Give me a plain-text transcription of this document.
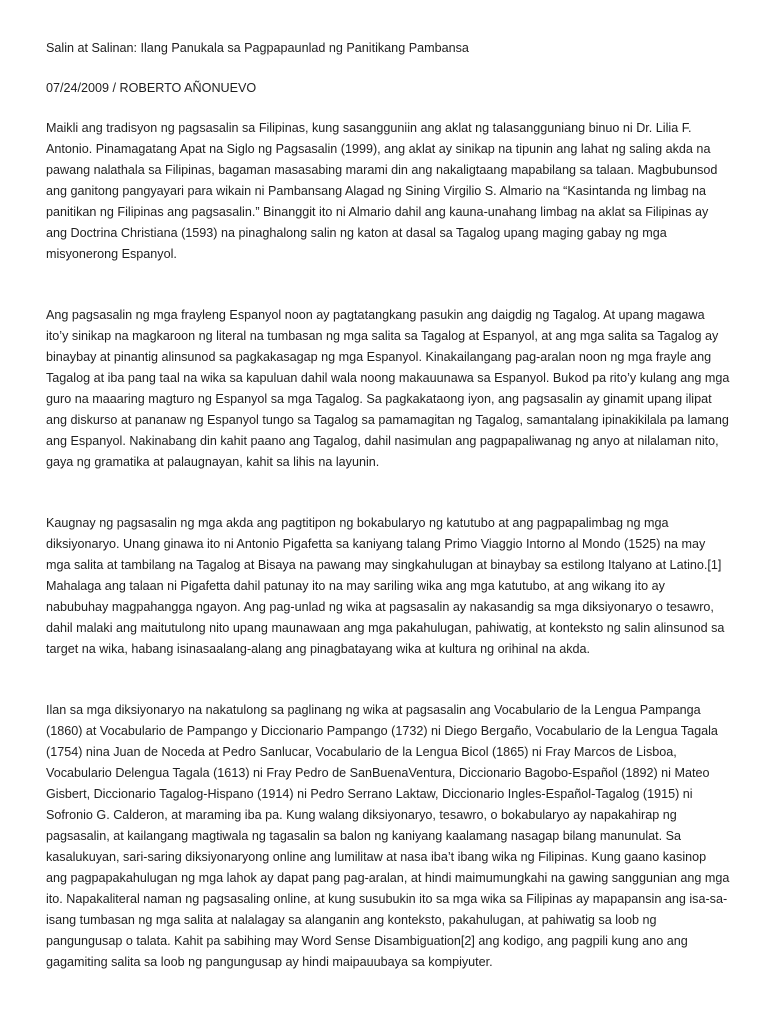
Salin at Salinan: Ilang Panukala sa Pagpapaunlad ng Panitikang Pambansa

07/24/2009 / ROBERTO AÑONUEVO

Maikli ang tradisyon ng pagsasalin sa Filipinas, kung sasangguniin ang aklat ng talasangguniang binuo ni Dr. Lilia F. Antonio. Pinamagatang Apat na Siglo ng Pagsasalin (1999), ang aklat ay sinikap na tipunin ang lahat ng saling akda na pawang nalathala sa Filipinas, bagaman masasabing marami din ang nakaligtaang mapabilang sa talaan. Magbubunsod ang ganitong pangyayari para wikain ni Pambansang Alagad ng Sining Virgilio S. Almario na “Kasintanda ng limbag na panitikan ng Filipinas ang pagsasalin.” Binanggit ito ni Almario dahil ang kauna-unahang limbag na aklat sa Filipinas ay ang Doctrina Christiana (1593) na pinaghalong salin ng katon at dasal sa Tagalog upang maging gabay ng mga misyonerong Espanyol.

Ang pagsasalin ng mga frayleng Espanyol noon ay pagtatangkang pasukin ang daigdig ng Tagalog. At upang magawa ito’y sinikap na magkaroon ng literal na tumbasan ng mga salita sa Tagalog at Espanyol, at ang mga salita sa Tagalog ay binaybay at pinantig alinsunod sa pagkakasagap ng mga Espanyol. Kinakailangang pag-aralan noon ng mga frayle ang Tagalog at iba pang taal na wika sa kapuluan dahil wala noong makauunawa sa Espanyol. Bukod pa rito’y kulang ang mga guro na maaaring magturo ng Espanyol sa mga Tagalog. Sa pagkakataong iyon, ang pagsasalin ay ginamit upang ilipat ang diskurso at pananaw ng Espanyol tungo sa Tagalog sa pamamagitan ng Tagalog, samantalang ipinakikilala pa lamang ang Espanyol. Nakinabang din kahit paano ang Tagalog, dahil nasimulan ang pagpapaliwanag ng anyo at nilalaman nito, gaya ng gramatika at palaugnayan, kahit sa lihis na layunin.

Kaugnay ng pagsasalin ng mga akda ang pagtitipon ng bokabularyo ng katutubo at ang pagpapalimbag ng mga diksiyonaryo. Unang ginawa ito ni Antonio Pigafetta sa kaniyang talang Primo Viaggio Intorno al Mondo (1525) na may mga salita at tambilang na Tagalog at Bisaya na pawang may singkahulugan at binaybay sa estilong Italyano at Latino.[1] Mahalaga ang talaan ni Pigafetta dahil patunay ito na may sariling wika ang mga katutubo, at ang wikang ito ay nabubuhay magpahangga ngayon. Ang pag-unlad ng wika at pagsasalin ay nakasandig sa mga diksiyonaryo o tesawro, dahil malaki ang maitutulong nito upang maunawaan ang mga pakahulugan, pahiwatig, at konteksto ng salin alinsunod sa target na wika, habang isinasaalang-alang ang pinagbatayang wika at kultura ng orihinal na akda.

Ilan sa mga diksiyonaryo na nakatulong sa paglinang ng wika at pagsasalin ang Vocabulario de la Lengua Pampanga (1860) at Vocabulario de Pampango y Diccionario Pampango (1732) ni Diego Bergaño, Vocabulario de la Lengua Tagala (1754) nina Juan de Noceda at Pedro Sanlucar, Vocabulario de la Lengua Bicol (1865) ni Fray Marcos de Lisboa, Vocabulario Delengua Tagala (1613) ni Fray Pedro de SanBuenaVentura, Diccionario Bagobo-Español (1892) ni Mateo Gisbert, Diccionario Tagalog-Hispano (1914) ni Pedro Serrano Laktaw, Diccionario Ingles-Español-Tagalog (1915) ni Sofronio G. Calderon, at maraming iba pa. Kung walang diksiyonaryo, tesawro, o bokabularyo ay napakahirap ng pagsasalin, at kailangang magtiwala ng tagasalin sa balon ng kaniyang kaalamang nasagap bilang manunulat. Sa kasalukuyan, sari-saring diksiyonaryong online ang lumilitaw at nasa iba’t ibang wika ng Filipinas. Kung gaano kasinop ang pagpapakahulugan ng mga lahok ay dapat pang pag-aralan, at hindi maimumungkahi na gawing sanggunian ang mga ito. Napakaliteral naman ng pagsasaling online, at kung susubukin ito sa mga wika sa Filipinas ay mapapansin ang isa-sa-isang tumbasan ng mga salita at nalalagay sa alanganin ang konteksto, pakahulugan, at pahiwatig sa loob ng pangungusap o talata. Kahit pa sabihing may Word Sense Disambiguation[2] ang kodigo, ang pagpili kung ano ang gagamiting salita sa loob ng pangungusap ay hindi maipauubaya sa kompiyuter.
